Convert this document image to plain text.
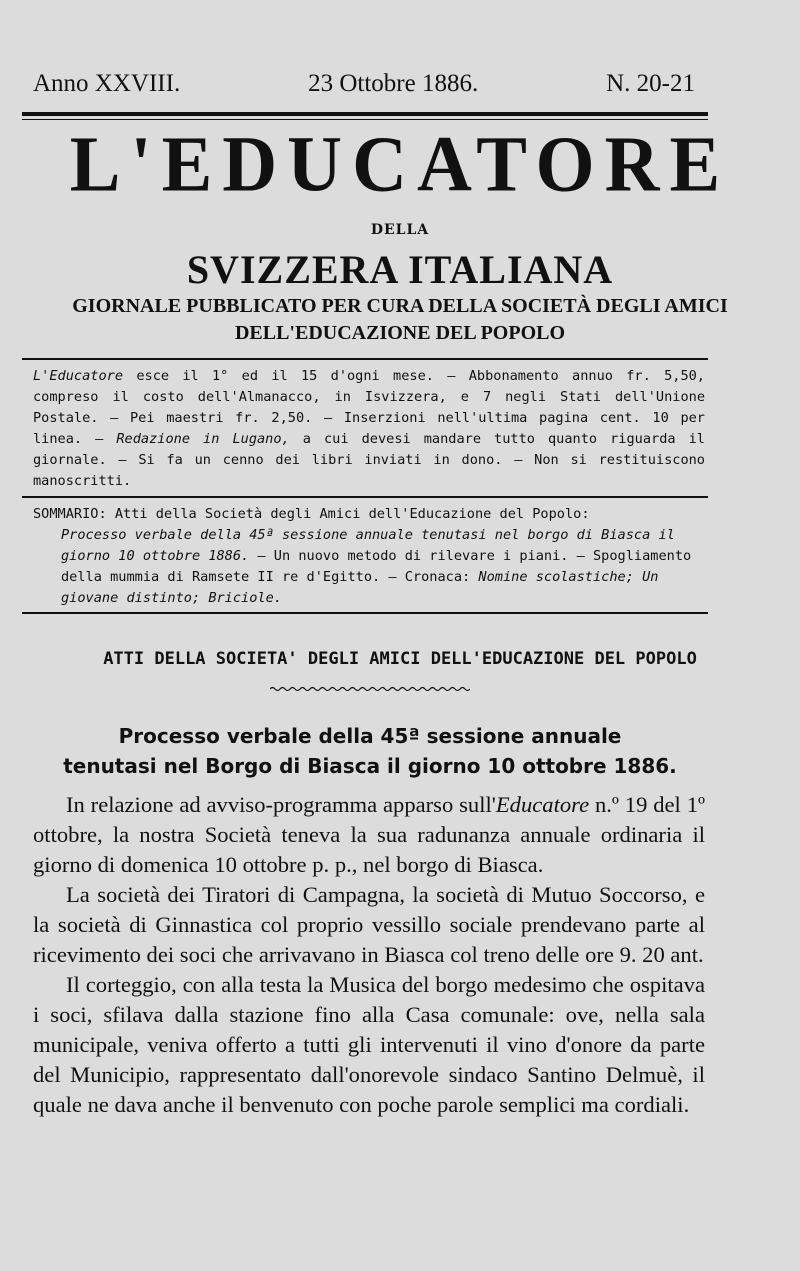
Anno XXVIII.	23 Ottobre 1886.	N. 20-21
L'EDUCATORE
DELLA
SVIZZERA ITALIANA
GIORNALE PUBBLICATO PER CURA DELLA SOCIETÀ DEGLI AMICI
DELL'EDUCAZIONE DEL POPOLO
L'Educatore esce il 1° ed il 15 d'ogni mese. — Abbonamento annuo fr. 5,50, compreso il costo dell'Almanacco, in Isvizzera, e 7 negli Stati dell'Unione Postale. — Pei maestri fr. 2,50. — Inserzioni nell'ultima pagina cent. 10 per linea. — Redazione in Lugano, a cui devesi mandare tutto quanto riguarda il giornale. — Si fa un cenno dei libri inviati in dono. — Non si restituiscono manoscritti.
SOMMARIO: Atti della Società degli Amici dell'Educazione del Popolo:
Processo verbale della 45ª sessione annuale tenutasi nel borgo di Biasca il giorno 10 ottobre 1886. — Un nuovo metodo di rilevare i piani. — Spogliamento della mummia di Ramsete II re d'Egitto. — Cronaca: Nomine scolastiche; Un giovane distinto; Briciole.
ATTI DELLA SOCIETA' DEGLI AMICI DELL'EDUCAZIONE DEL POPOLO
Processo verbale della 45ª sessione annuale
tenutasi nel Borgo di Biasca il giorno 10 ottobre 1886.

In relazione ad avviso-programma apparso sull'Educatore n.º 19 del 1º ottobre, la nostra Società teneva la sua radunanza annuale ordinaria il giorno di domenica 10 ottobre p. p., nel borgo di Biasca.

La società dei Tiratori di Campagna, la società di Mutuo Soccorso, e la società di Ginnastica col proprio vessillo sociale prendevano parte al ricevimento dei soci che arrivavano in Biasca col treno delle ore 9. 20 ant.

Il corteggio, con alla testa la Musica del borgo medesimo che ospitava i soci, sfilava dalla stazione fino alla Casa comunale: ove, nella sala municipale, veniva offerto a tutti gli intervenuti il vino d'onore da parte del Municipio, rappresentato dall'onorevole sindaco Santino Delmuè, il quale ne dava anche il benvenuto con poche parole semplici ma cordiali.
